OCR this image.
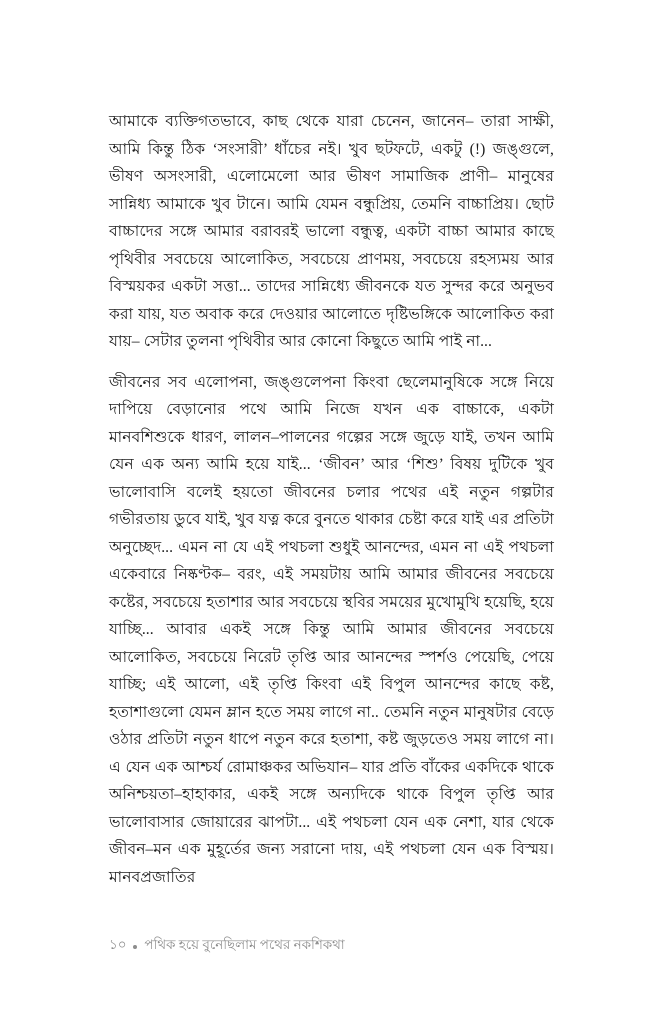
আমাকে ব্যক্তিগতভাবে, কাছ থেকে যারা চেনেন, জানেন– তারা সাক্ষী, আমি কিন্তু ঠিক ‘সংসারী’ ধাঁচের নই। খুব ছটফটে, একটু (!) জঙ্গুলে, ভীষণ অসংসারী, এলোমেলো আর ভীষণ সামাজিক প্রাণী– মানুষের সান্নিধ্য আমাকে খুব টানে। আমি যেমন বন্ধুপ্রিয়, তেমনি বাচ্চাপ্রিয়। ছোট বাচ্চাদের সঙ্গে আমার বরাবরই ভালো বন্ধুত্ব, একটা বাচ্চা আমার কাছে পৃথিবীর সবচেয়ে আলোকিত, সবচেয়ে প্রাণময়, সবচেয়ে রহস্যময় আর বিস্ময়কর একটা সত্তা... তাদের সান্নিধ্যে জীবনকে যত সুন্দর করে অনুভব করা যায়, যত অবাক করে দেওয়ার আলোতে দৃষ্টিভঙ্গিকে আলোকিত করা যায়– সেটার তুলনা পৃথিবীর আর কোনো কিছুতে আমি পাই না...

জীবনের সব এলোপনা, জঙ্গুলেপনা কিংবা ছেলেমানুষিকে সঙ্গে নিয়ে দাপিয়ে বেড়ানোর পথে আমি নিজে যখন এক বাচ্চাকে, একটা মানবশিশুকে ধারণ, লালন–পালনের গল্পের সঙ্গে জুড়ে যাই, তখন আমি যেন এক অন্য আমি হয়ে যাই... ‘জীবন’ আর ‘শিশু’ বিষয় দুটিকে খুব ভালোবাসি বলেই হয়তো জীবনের চলার পথের এই নতুন গল্পটার গভীরতায় ডুবে যাই, খুব যত্ন করে বুনতে থাকার চেষ্টা করে যাই এর প্রতিটা অনুচ্ছেদ... এমন না যে এই পথচলা শুধুই আনন্দের, এমন না এই পথচলা একেবারে নিষ্কণ্টক– বরং, এই সময়টায় আমি আমার জীবনের সবচেয়ে কষ্টের, সবচেয়ে হতাশার আর সবচেয়ে স্থবির সময়ের মুখোমুখি হয়েছি, হয়ে যাচ্ছি... আবার একই সঙ্গে কিন্তু আমি আমার জীবনের সবচেয়ে আলোকিত, সবচেয়ে নিরেট তৃপ্তি আর আনন্দের স্পর্শও পেয়েছি, পেয়ে যাচ্ছি; এই আলো, এই তৃপ্তি কিংবা এই বিপুল আনন্দের কাছে কষ্ট, হতাশাগুলো যেমন ম্লান হতে সময় লাগে না.. তেমনি নতুন মানুষটার বেড়ে ওঠার প্রতিটা নতুন ধাপে নতুন করে হতাশা, কষ্ট জুড়তেও সময় লাগে না। এ যেন এক আশ্চর্য রোমাঞ্চকর অভিযান– যার প্রতি বাঁকের একদিকে থাকে অনিশ্চয়তা–হাহাকার, একই সঙ্গে অন্যদিকে থাকে বিপুল তৃপ্তি আর ভালোবাসার জোয়ারের ঝাপটা... এই পথচলা যেন এক নেশা, যার থেকে জীবন–মন এক মুহূর্তের জন্য সরানো দায়, এই পথচলা যেন এক বিস্ময়। মানবপ্রজাতির

১০ পথিক হয়ে বুনেছিলাম পথের নকশিকথা
